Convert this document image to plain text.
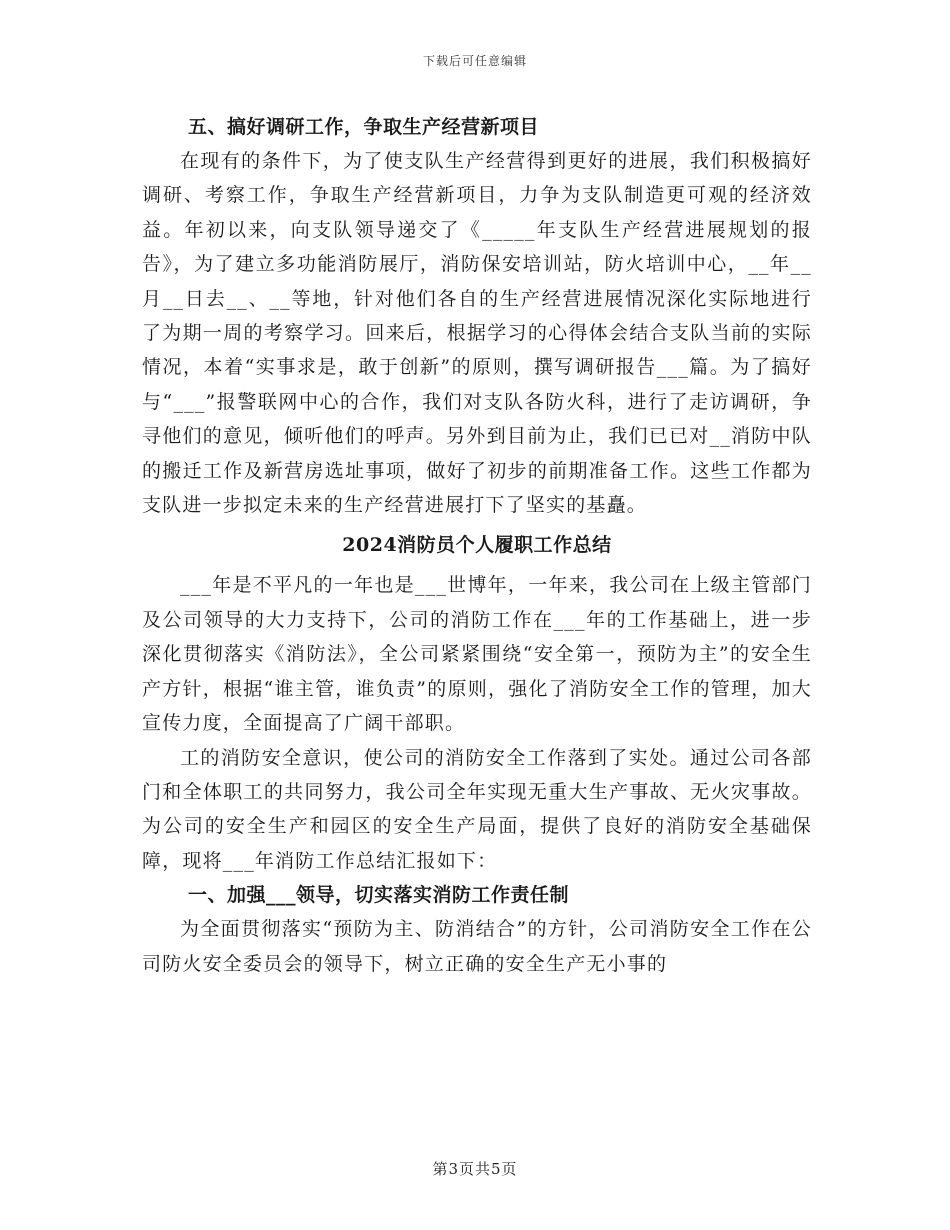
下载后可任意编辑

五、搞好调研工作，争取生产经营新项目

在现有的条件下，为了使支队生产经营得到更好的进展，我们积极搞好调研、考察工作，争取生产经营新项目，力争为支队制造更可观的经济效益。年初以来，向支队领导递交了《_____年支队生产经营进展规划的报告》，为了建立多功能消防展厅，消防保安培训站，防火培训中心，__年__月__日去__、__等地，针对他们各自的生产经营进展情况深化实际地进行了为期一周的考察学习。回来后，根据学习的心得体会结合支队当前的实际情况，本着“实事求是，敢于创新”的原则，撰写调研报告___篇。为了搞好与“___”报警联网中心的合作，我们对支队各防火科，进行了走访调研，争寻他们的意见，倾听他们的呼声。另外到目前为止，我们已已对__消防中队的搬迁工作及新营房选址事项，做好了初步的前期准备工作。这些工作都为支队进一步拟定未来的生产经营进展打下了坚实的基矗。

2024消防员个人履职工作总结

___年是不平凡的一年也是___世博年，一年来，我公司在上级主管部门及公司领导的大力支持下，公司的消防工作在___年的工作基础上，进一步深化贯彻落实《消防法》，全公司紧紧围绕“安全第一，预防为主”的安全生产方针，根据“谁主管，谁负责”的原则，强化了消防安全工作的管理，加大宣传力度，全面提高了广阔干部职。

工的消防安全意识，使公司的消防安全工作落到了实处。通过公司各部门和全体职工的共同努力，我公司全年实现无重大生产事故、无火灾事故。为公司的安全生产和园区的安全生产局面，提供了良好的消防安全基础保障，现将___年消防工作总结汇报如下：

一、加强___领导，切实落实消防工作责任制

为全面贯彻落实“预防为主、防消结合”的方针，公司消防安全工作在公司防火安全委员会的领导下，树立正确的安全生产无小事的

第3页共5页
